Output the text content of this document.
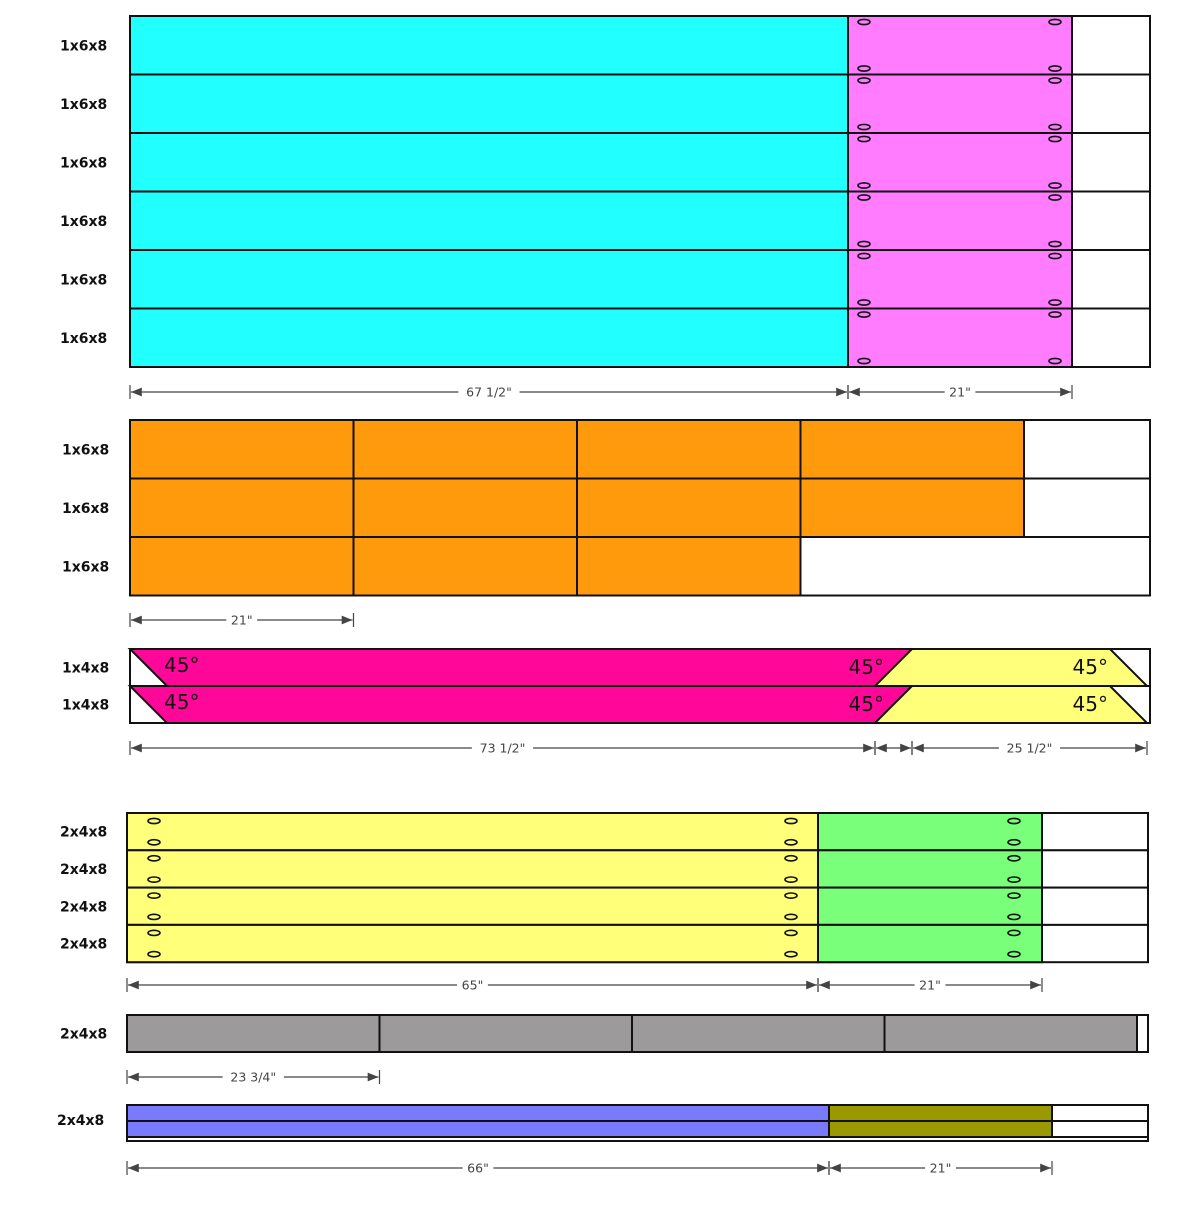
1x6x8
1x6x8
1x6x8
1x6x8
1x6x8
1x6x8
67 1/2"	21"
1x6x8
1x6x8
1x6x8
21"
45°	45°	45°
1x4x8
45°	45°	45°
1x4x8
73 1/2"	25 1/2"
2x4x8
2x4x8
2x4x8
2x4x8
65"	21"
2x4x8
23 3/4"
2x4x8
66"	21"
